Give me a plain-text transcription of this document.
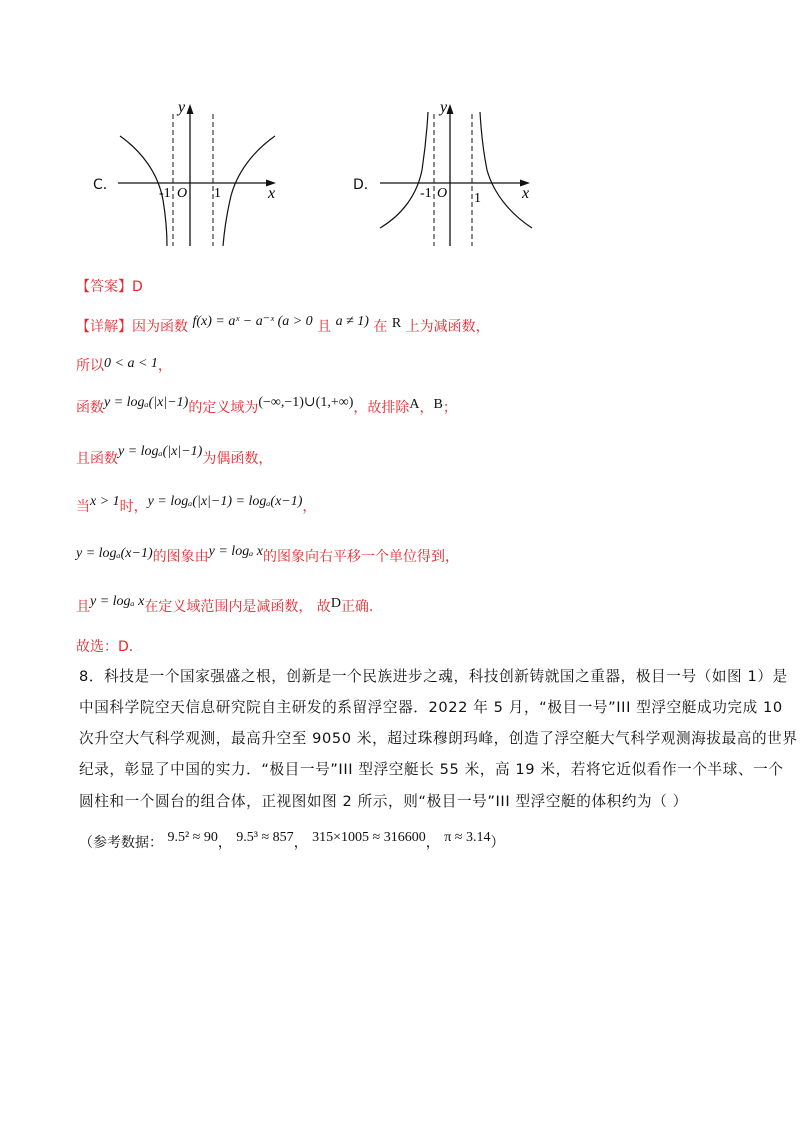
C．
-1 O 1	x
y
D．
-1 O 1	x
y
【答案】D
【详解】因为函数 f(x) = aˣ − a⁻ˣ (a > 0 且 a ≠ 1) 在 R 上为减函数，
所以0 < a < 1，
函数y = logₐ(|x|−1)的定义域为(−∞,−1)∪(1,+∞)，故排除A，B；
且函数y = logₐ(|x|−1)为偶函数，
当x > 1时，y = logₐ(|x|−1) = logₐ(x−1)，
y = logₐ(x−1)的图象由y = logₐ x的图象向右平移一个单位得到，
且y = logₐ x在定义域范围内是减函数， 故D正确.
故选：D．
8．科技是一个国家强盛之根，创新是一个民族进步之魂，科技创新铸就国之重器，极目一号（如图 1）是
中国科学院空天信息研究院自主研发的系留浮空器．2022 年 5 月，“极目一号”III 型浮空艇成功完成 10
次升空大气科学观测，最高升空至 9050 米，超过珠穆朗玛峰，创造了浮空艇大气科学观测海拔最高的世界
纪录，彰显了中国的实力．“极目一号”III 型浮空艇长 55 米，高 19 米，若将它近似看作一个半球、一个
圆柱和一个圆台的组合体，正视图如图 2 所示，则“极目一号”III 型浮空艇的体积约为（ ）
（参考数据： 9.5² ≈ 90， 9.5³ ≈ 857， 315×1005 ≈ 316600， π ≈ 3.14）
